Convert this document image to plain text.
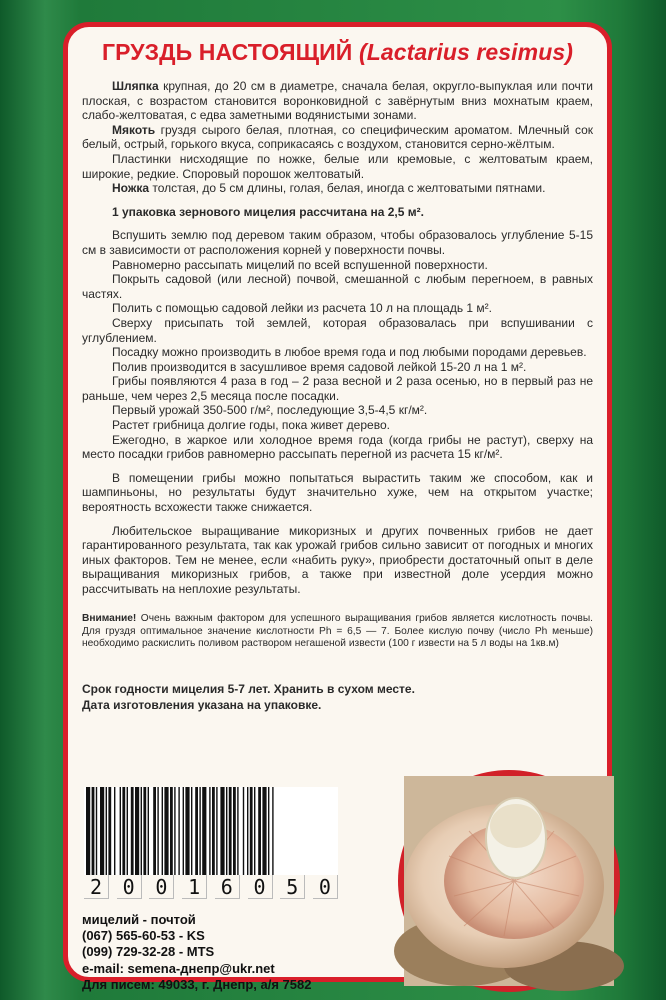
ГРУЗДЬ НАСТОЯЩИЙ
(Lactarius resimus)

Шляпка крупная, до 20 см в диаметре, сначала белая, округло-выпуклая или почти плоская, с возрастом становится воронковидной с завёрнутым вниз мохнатым краем, слабо-желтоватая, с едва заметными водянистыми зонами.

Мякоть груздя сырого белая, плотная, со специфическим ароматом. Млечный сок белый, острый, горького вкуса, соприкасаясь с воздухом, становится серно-жёлтым.

Пластинки нисходящие по ножке, белые или кремовые, с желтоватым краем, широкие, редкие. Споровый порошок желтоватый.

Ножка толстая, до 5 см длины, голая, белая, иногда с желтоватыми пятнами.

1 упаковка зернового мицелия рассчитана на 2,5 м².

Вспушить землю под деревом таким образом, чтобы образовалось углубление 5-15 см в зависимости от расположения корней у поверхности почвы.

Равномерно рассыпать мицелий по всей вспушенной поверхности.

Покрыть садовой (или лесной) почвой, смешанной с любым перегноем, в равных частях.

Полить с помощью садовой лейки из расчета 10 л на площадь 1 м².

Сверху присыпать той землей, которая образовалась при вспушивании с углублением.

Посадку можно производить в любое время года и под любыми породами деревьев.

Полив производится в засушливое время садовой лейкой 15-20 л на 1 м².

Грибы появляются 4 раза в год – 2 раза весной и 2 раза осенью, но в первый раз не раньше, чем через 2,5 месяца после посадки.

Первый урожай 350-500 г/м², последующие 3,5-4,5 кг/м².

Растет грибница долгие годы, пока живет дерево.

Ежегодно, в жаркое или холодное время года (когда грибы не растут), сверху на место посадки грибов равномерно рассыпать перегной из расчета 15 кг/м².

В помещении грибы можно попытаться вырастить таким же способом, как и шампиньоны, но результаты будут значительно хуже, чем на открытом участке; вероятность всхожести также снижается.

Любительское выращивание микоризных и других почвенных грибов не дает гарантированного результата, так как урожай грибов сильно зависит от погодных и многих иных факторов. Тем не менее, если «набить руку», приобрести достаточный опыт в деле выращивания микоризных грибов, а также при известной доле усердия можно рассчитывать на неплохие результаты.

Внимание! Очень важным фактором для успешного выращивания грибов является кислотность почвы. Для груздя оптимальное значение кислотности Ph = 6,5 — 7. Более кислую почву (число Ph меньше) необходимо раскислить поливом раствором негашеной извести (100 г извести на 5 л воды на 1кв.м)

Срок годности мицелия 5-7 лет. Хранить в сухом месте.
Дата изготовления указана на упаковке.
2	0	0	1	6	0	5	0
мицелий - почтой
(067) 565-60-53 - KS
(099) 729-32-28 - MTS
e-mail: semena-днепр@ukr.net
Для писем: 49033, г. Днепр, а/я 7582
